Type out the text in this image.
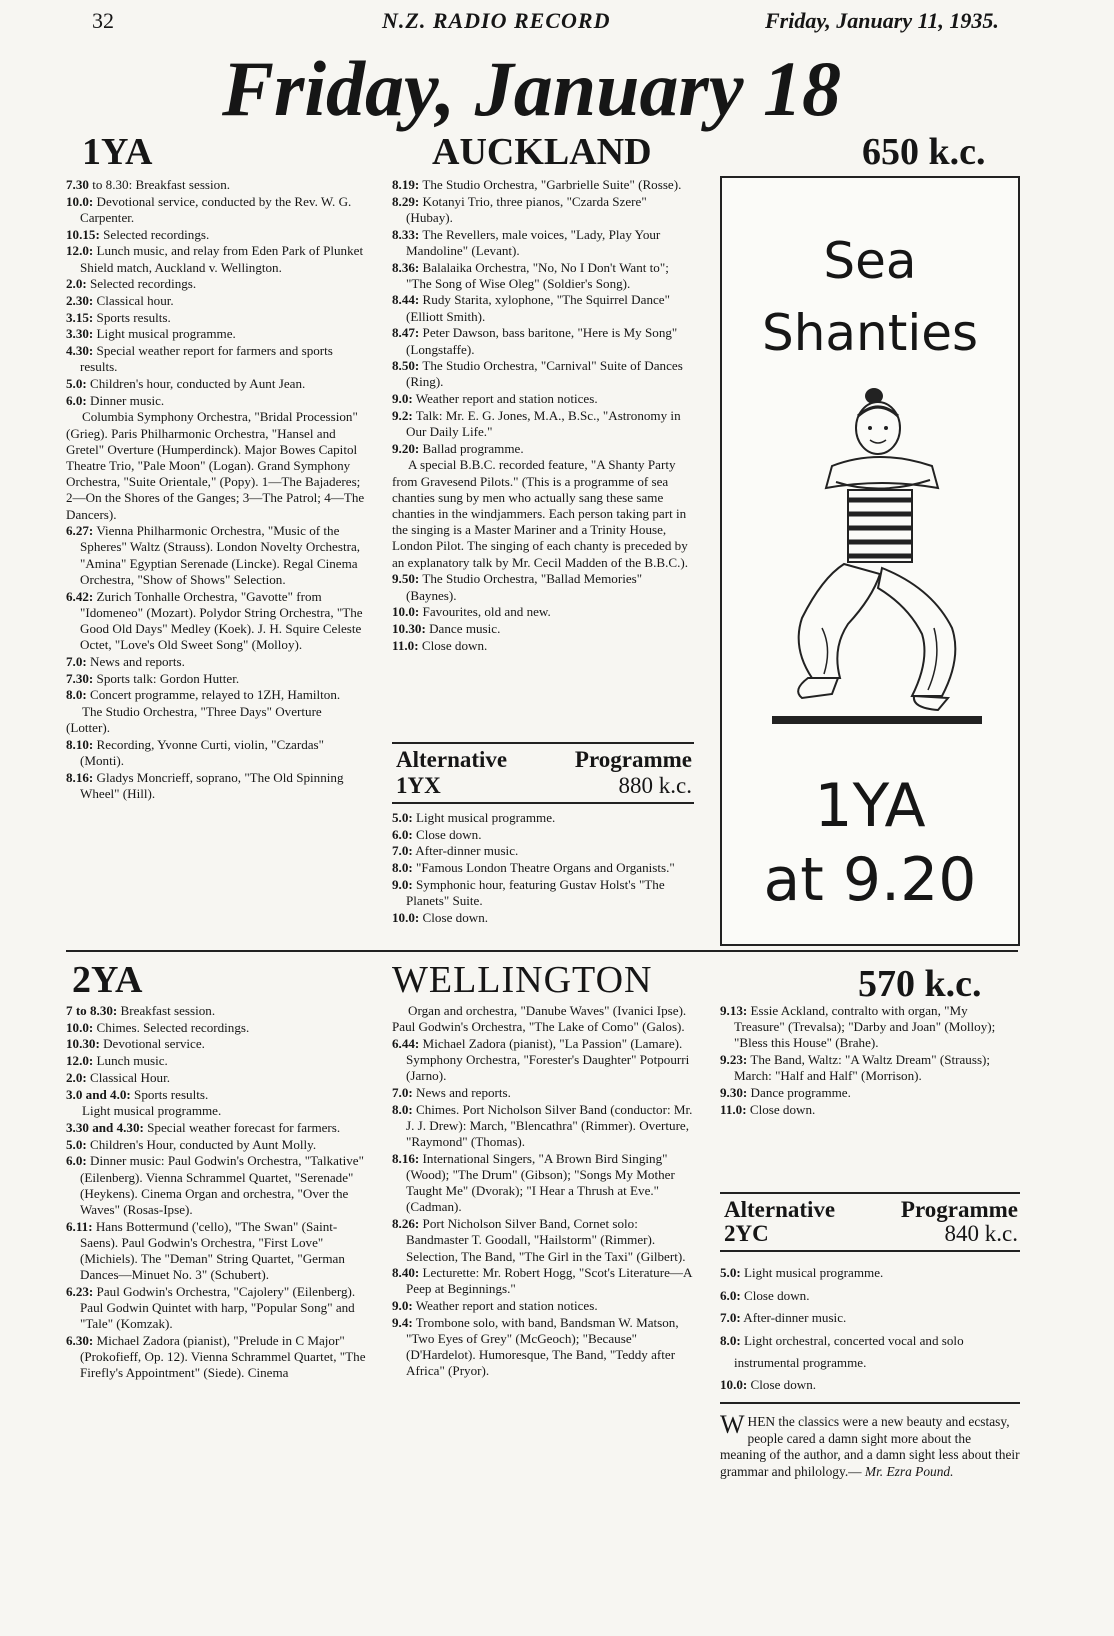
32	N.Z. RADIO RECORD	Friday, January 11, 1935.
Friday, January 18
1YA	AUCKLAND	650 k.c.

7.30 to 8.30: Breakfast session.

10.0: Devotional service, conducted by the Rev. W. G. Carpenter.

10.15: Selected recordings.

12.0: Lunch music, and relay from Eden Park of Plunket Shield match, Auckland v. Wellington.

2.0: Selected recordings.

2.30: Classical hour.

3.15: Sports results.

3.30: Light musical programme.

4.30: Special weather report for farmers and sports results.

5.0: Children's hour, conducted by Aunt Jean.

6.0: Dinner music.

Columbia Symphony Orchestra, "Bridal Procession" (Grieg). Paris Philharmonic Orchestra, "Hansel and Gretel" Overture (Humperdinck). Major Bowes Capitol Theatre Trio, "Pale Moon" (Logan). Grand Symphony Orchestra, "Suite Orientale," (Popy). 1—The Bajaderes; 2—On the Shores of the Ganges; 3—The Patrol; 4—The Dancers).

6.27: Vienna Philharmonic Orchestra, "Music of the Spheres" Waltz (Strauss). London Novelty Orchestra, "Amina" Egyptian Serenade (Lincke). Regal Cinema Orchestra, "Show of Shows" Selection.

6.42: Zurich Tonhalle Orchestra, "Gavotte" from "Idomeneo" (Mozart). Polydor String Orchestra, "The Good Old Days" Medley (Koek). J. H. Squire Celeste Octet, "Love's Old Sweet Song" (Molloy).

7.0: News and reports.

7.30: Sports talk: Gordon Hutter.

8.0: Concert programme, relayed to 1ZH, Hamilton.

The Studio Orchestra, "Three Days" Overture (Lotter).

8.10: Recording, Yvonne Curti, violin, "Czardas" (Monti).

8.16: Gladys Moncrieff, soprano, "The Old Spinning Wheel" (Hill).

8.19: The Studio Orchestra, "Garbrielle Suite" (Rosse).

8.29: Kotanyi Trio, three pianos, "Czarda Szere" (Hubay).

8.33: The Revellers, male voices, "Lady, Play Your Mandoline" (Levant).

8.36: Balalaika Orchestra, "No, No I Don't Want to"; "The Song of Wise Oleg" (Soldier's Song).

8.44: Rudy Starita, xylophone, "The Squirrel Dance" (Elliott Smith).

8.47: Peter Dawson, bass baritone, "Here is My Song" (Longstaffe).

8.50: The Studio Orchestra, "Carnival" Suite of Dances (Ring).

9.0: Weather report and station notices.

9.2: Talk: Mr. E. G. Jones, M.A., B.Sc., "Astronomy in Our Daily Life."

9.20: Ballad programme.

A special B.B.C. recorded feature, "A Shanty Party from Gravesend Pilots." (This is a programme of sea chanties sung by men who actually sang these same chanties in the windjammers. Each person taking part in the singing is a Master Mariner and a Trinity House, London Pilot. The singing of each chanty is preceded by an explanatory talk by Mr. Cecil Madden of the B.B.C.).

9.50: The Studio Orchestra, "Ballad Memories" (Baynes).

10.0: Favourites, old and new.

10.30: Dance music.

11.0: Close down.

Alternative	Programme
1YX	880 k.c.

5.0: Light musical programme.

6.0: Close down.

7.0: After-dinner music.

8.0: "Famous London Theatre Organs and Organists."

9.0: Symphonic hour, featuring Gustav Holst's "The Planets" Suite.

10.0: Close down.

Sea
Shanties
1YA
at 9.20
2YA	WELLINGTON	570 k.c.

7 to 8.30: Breakfast session.

10.0: Chimes. Selected recordings.

10.30: Devotional service.

12.0: Lunch music.

2.0: Classical Hour.

3.0 and 4.0: Sports results.

Light musical programme.

3.30 and 4.30: Special weather forecast for farmers.

5.0: Children's Hour, conducted by Aunt Molly.

6.0: Dinner music: Paul Godwin's Orchestra, "Talkative" (Eilenberg). Vienna Schrammel Quartet, "Serenade" (Heykens). Cinema Organ and orchestra, "Over the Waves" (Rosas-Ipse).

6.11: Hans Bottermund ('cello), "The Swan" (Saint-Saens). Paul Godwin's Orchestra, "First Love" (Michiels). The "Deman" String Quartet, "German Dances—Minuet No. 3" (Schubert).

6.23: Paul Godwin's Orchestra, "Cajolery" (Eilenberg). Paul Godwin Quintet with harp, "Popular Song" and "Tale" (Komzak).

6.30: Michael Zadora (pianist), "Prelude in C Major" (Prokofieff, Op. 12). Vienna Schrammel Quartet, "The Firefly's Appointment" (Siede). Cinema

Organ and orchestra, "Danube Waves" (Ivanici Ipse). Paul Godwin's Orchestra, "The Lake of Como" (Galos).

6.44: Michael Zadora (pianist), "La Passion" (Lamare). Symphony Orchestra, "Forester's Daughter" Potpourri (Jarno).

7.0: News and reports.

8.0: Chimes. Port Nicholson Silver Band (conductor: Mr. J. J. Drew): March, "Blencathra" (Rimmer). Overture, "Raymond" (Thomas).

8.16: International Singers, "A Brown Bird Singing" (Wood); "The Drum" (Gibson); "Songs My Mother Taught Me" (Dvorak); "I Hear a Thrush at Eve." (Cadman).

8.26: Port Nicholson Silver Band, Cornet solo: Bandmaster T. Goodall, "Hailstorm" (Rimmer). Selection, The Band, "The Girl in the Taxi" (Gilbert).

8.40: Lecturette: Mr. Robert Hogg, "Scot's Literature—A Peep at Beginnings."

9.0: Weather report and station notices.

9.4: Trombone solo, with band, Bandsman W. Matson, "Two Eyes of Grey" (McGeoch); "Because" (D'Hardelot). Humoresque, The Band, "Teddy after Africa" (Pryor).

9.13: Essie Ackland, contralto with organ, "My Treasure" (Trevalsa); "Darby and Joan" (Molloy); "Bless this House" (Brahe).

9.23: The Band, Waltz: "A Waltz Dream" (Strauss); March: "Half and Half" (Morrison).

9.30: Dance programme.

11.0: Close down.

Alternative	Programme
2YC	840 k.c.

5.0: Light musical programme.

6.0: Close down.

7.0: After-dinner music.

8.0: Light orchestral, concerted vocal and solo instrumental programme.

10.0: Close down.

WHEN the classics were a new beauty and ecstasy, people cared a damn sight more about the meaning of the author, and a damn sight less about their grammar and philology.— Mr. Ezra Pound.
